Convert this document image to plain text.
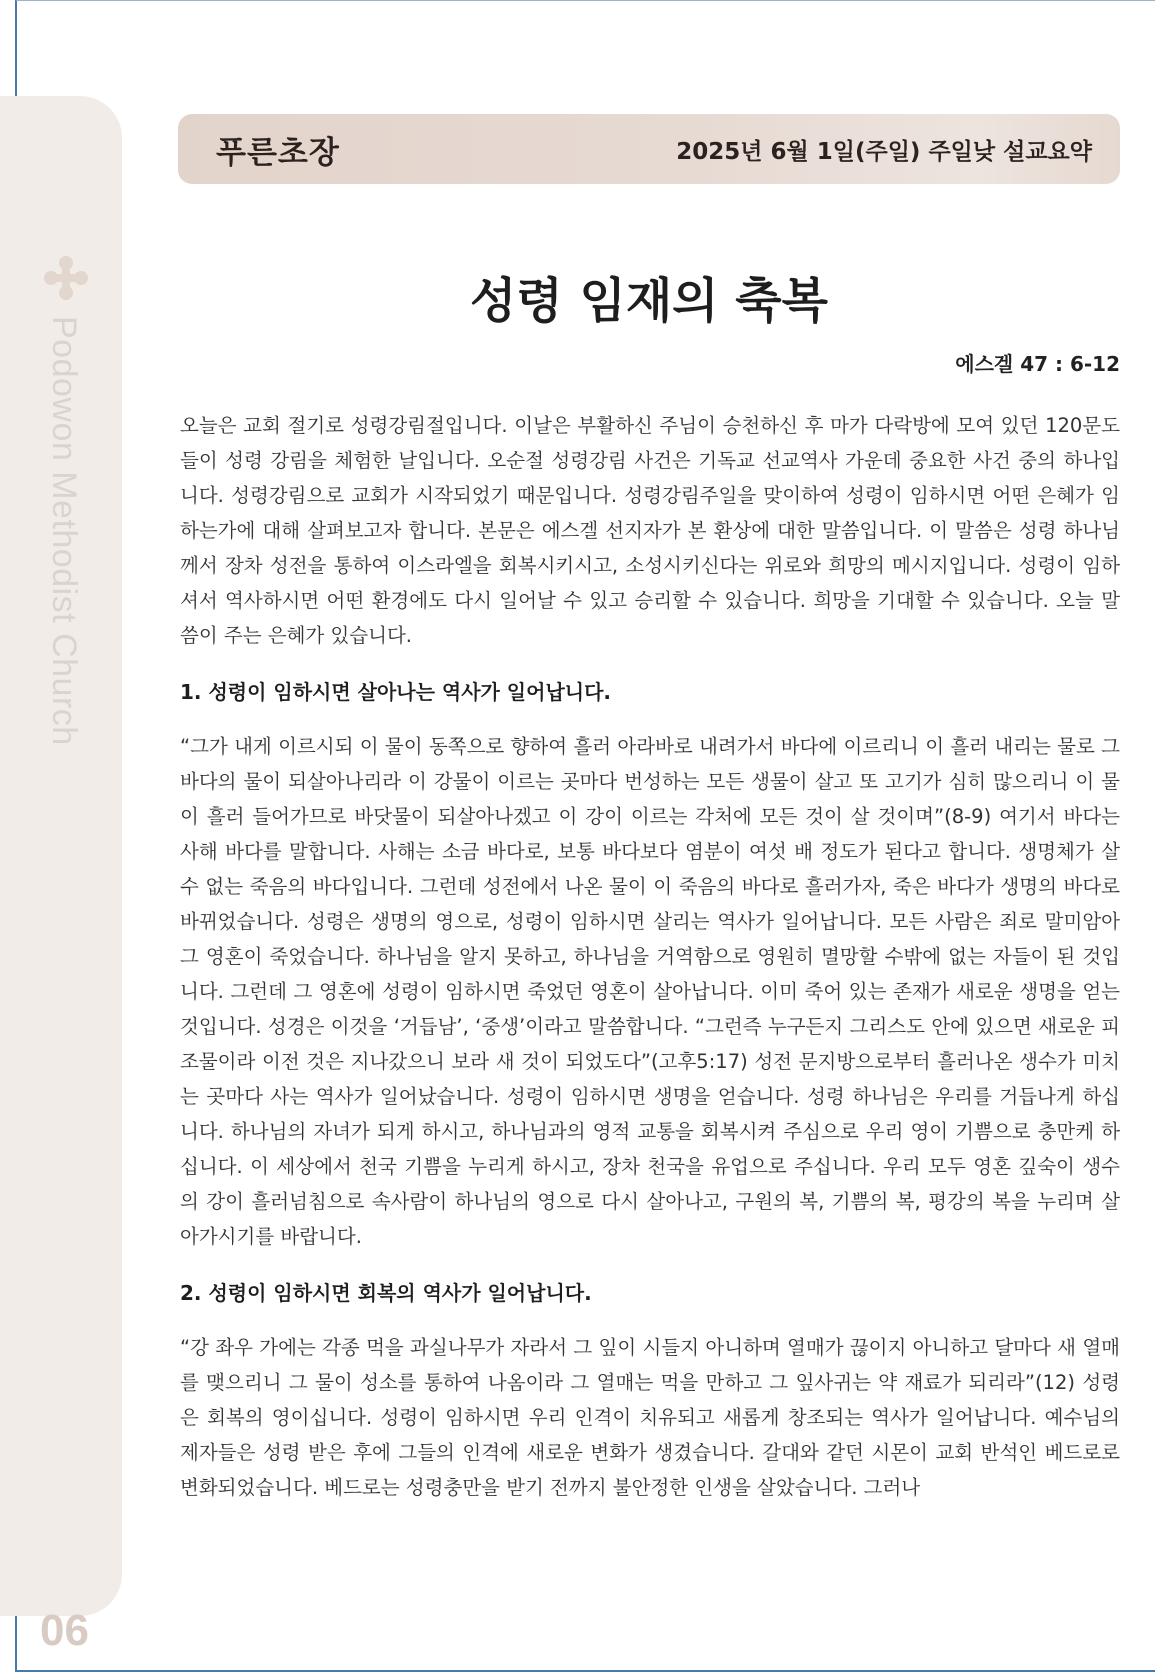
Podowon Methodist Church
06
푸른초장	2025년 6월 1일(주일) 주일낮 설교요약
성령 임재의 축복
에스겔 47 : 6-12

오늘은 교회 절기로 성령강림절입니다. 이날은 부활하신 주님이 승천하신 후 마가 다락방에 모여 있던 120문도들이 성령 강림을 체험한 날입니다. 오순절 성령강림 사건은 기독교 선교역사 가운데 중요한 사건 중의 하나입니다. 성령강림으로 교회가 시작되었기 때문입니다. 성령강림주일을 맞이하여 성령이 임하시면 어떤 은혜가 임하는가에 대해 살펴보고자 합니다. 본문은 에스겔 선지자가 본 환상에 대한 말씀입니다. 이 말씀은 성령 하나님께서 장차 성전을 통하여 이스라엘을 회복시키시고, 소성시키신다는 위로와 희망의 메시지입니다. 성령이 임하셔서 역사하시면 어떤 환경에도 다시 일어날 수 있고 승리할 수 있습니다. 희망을 기대할 수 있습니다. 오늘 말씀이 주는 은혜가 있습니다.

1. 성령이 임하시면 살아나는 역사가 일어납니다.

“그가 내게 이르시되 이 물이 동쪽으로 향하여 흘러 아라바로 내려가서 바다에 이르리니 이 흘러 내리는 물로 그 바다의 물이 되살아나리라 이 강물이 이르는 곳마다 번성하는 모든 생물이 살고 또 고기가 심히 많으리니 이 물이 흘러 들어가므로 바닷물이 되살아나겠고 이 강이 이르는 각처에 모든 것이 살 것이며”(8-9) 여기서 바다는 사해 바다를 말합니다. 사해는 소금 바다로, 보통 바다보다 염분이 여섯 배 정도가 된다고 합니다. 생명체가 살 수 없는 죽음의 바다입니다. 그런데 성전에서 나온 물이 이 죽음의 바다로 흘러가자, 죽은 바다가 생명의 바다로 바뀌었습니다. 성령은 생명의 영으로, 성령이 임하시면 살리는 역사가 일어납니다. 모든 사람은 죄로 말미암아 그 영혼이 죽었습니다. 하나님을 알지 못하고, 하나님을 거역함으로 영원히 멸망할 수밖에 없는 자들이 된 것입니다. 그런데 그 영혼에 성령이 임하시면 죽었던 영혼이 살아납니다. 이미 죽어 있는 존재가 새로운 생명을 얻는 것입니다. 성경은 이것을 ‘거듭남’, ‘중생’이라고 말씀합니다. “그런즉 누구든지 그리스도 안에 있으면 새로운 피조물이라 이전 것은 지나갔으니 보라 새 것이 되었도다”(고후5:17) 성전 문지방으로부터 흘러나온 생수가 미치는 곳마다 사는 역사가 일어났습니다. 성령이 임하시면 생명을 얻습니다. 성령 하나님은 우리를 거듭나게 하십니다. 하나님의 자녀가 되게 하시고, 하나님과의 영적 교통을 회복시켜 주심으로 우리 영이 기쁨으로 충만케 하십니다. 이 세상에서 천국 기쁨을 누리게 하시고, 장차 천국을 유업으로 주십니다. 우리 모두 영혼 깊숙이 생수의 강이 흘러넘침으로 속사람이 하나님의 영으로 다시 살아나고, 구원의 복, 기쁨의 복, 평강의 복을 누리며 살아가시기를 바랍니다.

2. 성령이 임하시면 회복의 역사가 일어납니다.

“강 좌우 가에는 각종 먹을 과실나무가 자라서 그 잎이 시들지 아니하며 열매가 끊이지 아니하고 달마다 새 열매를 맺으리니 그 물이 성소를 통하여 나옴이라 그 열매는 먹을 만하고 그 잎사귀는 약 재료가 되리라”(12) 성령은 회복의 영이십니다. 성령이 임하시면 우리 인격이 치유되고 새롭게 창조되는 역사가 일어납니다. 예수님의 제자들은 성령 받은 후에 그들의 인격에 새로운 변화가 생겼습니다. 갈대와 같던 시몬이 교회 반석인 베드로로 변화되었습니다. 베드로는 성령충만을 받기 전까지 불안정한 인생을 살았습니다. 그러나
